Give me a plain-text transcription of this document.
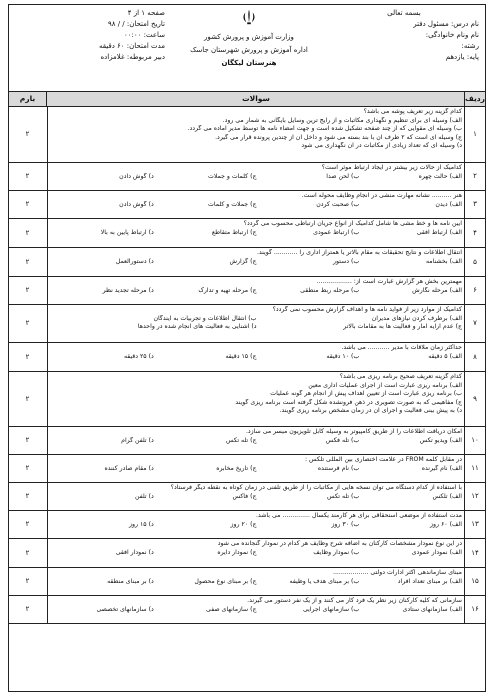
بسمه تعالی
نام درس: مسئول دفتر
نام ونام خانوادگی:
رشته:
پایه: یازدهم
وزارت آموزش و پرورش کشور
اداره آموزش و پرورش شهرستان جاسک
هنرستان لیکگان
صفحه ۱ از ۴
تاریخ امتحان: / / ۹۸
ساعت: ۰۰:۰۰
مدت امتحان: ۶۰ دقیقه
دبیر مربوطه: غلامزاده
ردیف
سوالات
بارم
۱
کدام گزینه زیر تعریف پوشه می باشد؟
الف) وسیله ای برای تنظیم و نگهداری مکاتبات و از رایج ترین وسایل بایگانی به شمار می رود.
ب) وسیله ای مقوایی که از چند صفحه تشکیل شده است و جهت امضاء نامه ها توسط مدیر آماده می گردد.
ج) وسیله ای است که ۲ طرف آن با بند بسته می شود و داخل آن از چندین پرونده قرار می گیرد.
د) وسیله ای که تعداد زیادی از مکاتبات در آن نگهداری می شود
۲
۲
کدامیک از حالات زیر بیشتر در ایجاد ارتباط موثر است؟
الف) حالت چهره
ب) لحن صدا
ج) کلمات و جملات
د) گوش دادن
۲
۳
هنر .......... نشانه مهارت منشی در انجام وظایف محوله است.
الف) دیدن
ب) صحبت کردن
ج) جملات و کلمات
د) گوش دادن
۲
۴
آیین نامه ها و خط مشی ها شامل کدامیک از انواع جریان ارتباطی محسوب می گردد؟
الف) ارتباط افقی
ب) ارتباط عمودی
ج) ارتباط متقاطع
د) ارتباط پایین به بالا
۲
۵
انتقال اطلاعات و نتایج تحقیقات به مقام بالاتر یا همتراز اداری را ............ گویند.
الف) بخشنامه
ب) دستور
ج) گزارش
د) دستورالعمل
۲
۶
مهمترین بخش هر گزارش عبارت است از: ..................
الف) مرحله نگارش
ب) مرحله ربط منطقی
ج) مرحله تهیه و تدارک
د) مرحله تجدید نظر
۲
۷
کدامیک از موارد زیر از فواید نامه ها و اهداف گزارش محسوب نمی گردد؟
الف) برطرف کردن نیازهای مدیران
ب) انتقال اطلاعات و تجربیات به آیندگان
ج) عدم ارایه آمار و فعالیت ها به مقامات بالاتر
د) آشنایی به فعالیت های انجام شده در واحدها
۲
۸
حداکثر زمان ملاقات با مدیر ........... می باشد.
الف) ۵ دقیقه
ب) ۱۰ دقیقه
ج) ۱۵ دقیقه
د) ۲۵ دقیقه
۲
۹
کدام گزینه تعریف صحیح برنامه ریزی می باشد؟
الف) برنامه ریزی عبارت است از اجرای عملیات اداری معین
ب) برنامه ریزی عبارت است از تعیین اهداف پیش از انجام هر گونه عملیات
ج) مفاهیمی که به صورت تصویری در ذهن فرونشده شکل گرفته است برنامه ریزی گویند
د) به پیش بینی فعالیت و اجرای آن در زمان مشخص برنامه ریزی گویند.
۲
۱۰
امکان دریافت اطلاعات را از طریق کامپیوتر به وسیله کابل تلویزیون میسر می سازد.
الف) ویدیو تکس
ب) تله فکس
ج) تله تکس
د) تلفن گرام
۲
۱۱
در مقابل کلمه FROM در علامت اختصاری بین المللی تلکس :
الف) نام گیرنده
ب) نام فرستنده
ج) تاریخ مخابره
د) مقام صادر کننده
۲
۱۲
با استفاده از کدام دستگاه می توان نسخه هایی از مکاتبات را از طریق تلفنی در زمان کوتاه به نقطه دیگر فرستاد؟
الف) تلکس
ب) تله تکس
ج) فاکس
د) تلفن
۲
۱۳
مدت استفاده از موضعی استحقاقی برای هر کارمند یکسال .............. می باشد.
الف) ۶۰ روز
ب) ۳۰ روز
ج) ۲۰ روز
د) ۱۵ روز
۲
۱۴
در این نوع نمودار مشخصات کارکنان به اضافه شرح وظایف هر کدام در نمودار گنجانده می شود
الف) نمودار عمودی
ب) نمودار وظایف
ج) نمودار دایره
د) نمودار افقی
۲
۱۵
مبنای سازماندهی اکثر ادارات دولتی ..................
الف) بر مبنای تعداد افراد
ب) بر مبنای هدف یا وظیفه
ج) بر مبنای نوع محصول
د) بر مبنای منطقه
۲
۱۶
سازمانی که کلیه کارکنان زیر نظر یک فرد کار می کنند و از یک نفر دستور می گیرند.
الف) سازمانهای ستادی
ب) سازمانهای اجرایی
ج) سازمانهای صفی
د) سازمانهای تخصصی
۲
